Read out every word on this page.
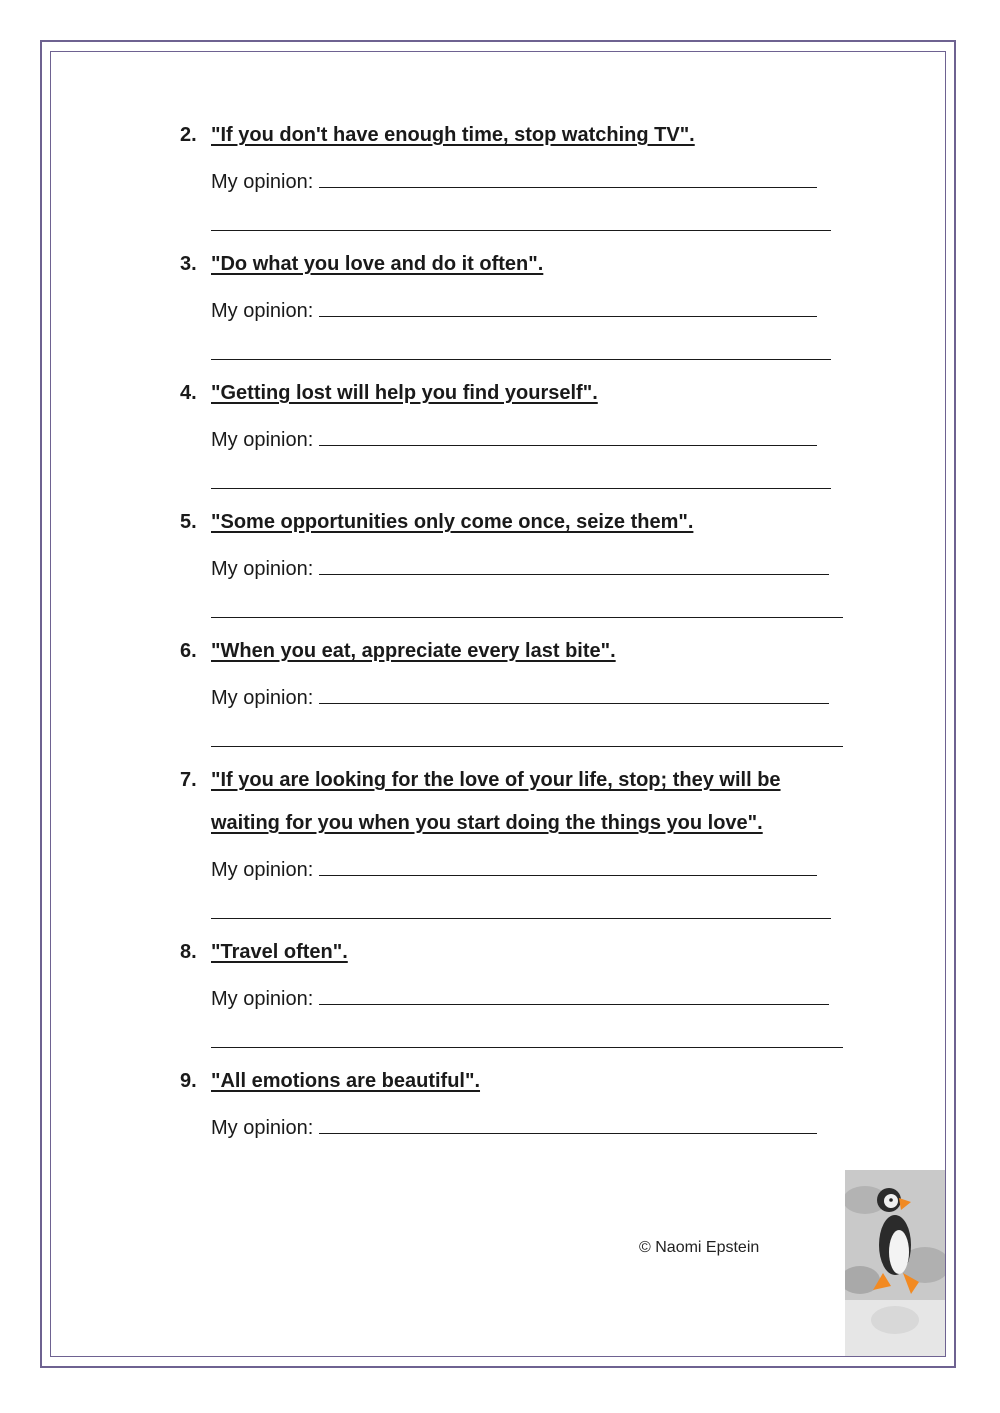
2. "If you don't have enough time, stop watching TV".
My opinion:
3. "Do what you love and do it often".
My opinion:
4. "Getting lost will help you find yourself".
My opinion:
5. "Some opportunities only come once, seize them".
My opinion:
6. "When you eat, appreciate every last bite".
My opinion:
7. "If you are looking for the love of your life, stop; they will be
waiting for you when you start doing the things you love".
My opinion:
8. "Travel often".
My opinion:
9. "All emotions are beautiful".
My opinion:
© Naomi Epstein
